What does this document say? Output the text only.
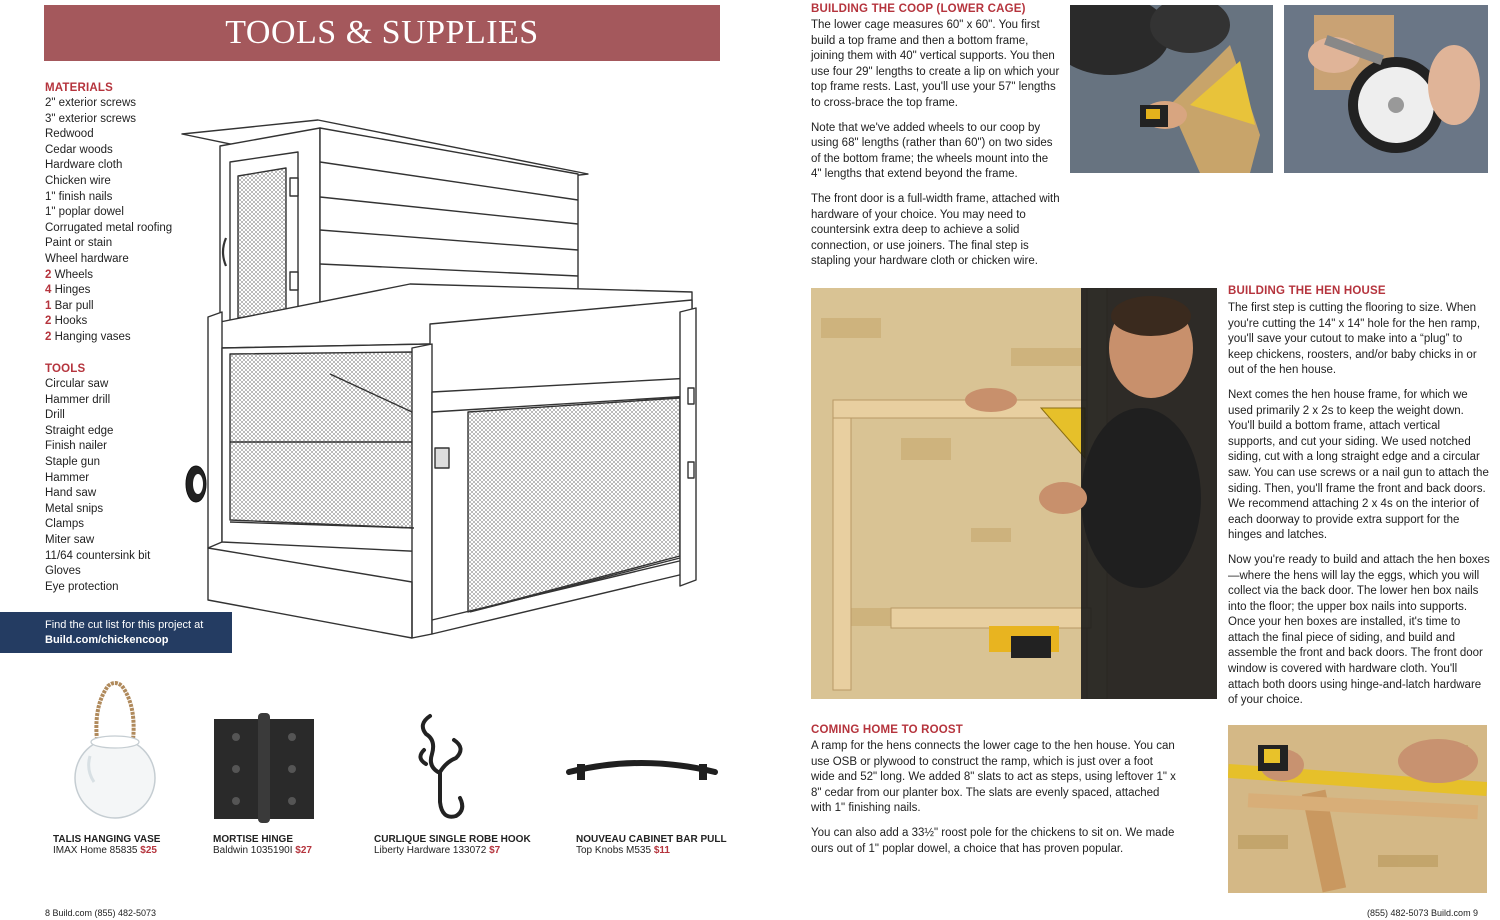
TOOLS & SUPPLIES
MATERIALS
2" exterior screws
3" exterior screws
Redwood
Cedar woods
Hardware cloth
Chicken wire
1" finish nails
1" poplar dowel
Corrugated metal roofing
Paint or stain
Wheel hardware
2 Wheels
4 Hinges
1 Bar pull
2 Hooks
2 Hanging vases
TOOLS
Circular saw
Hammer drill
Drill
Straight edge
Finish nailer
Staple gun
Hammer
Hand saw
Metal snips
Clamps
Miter saw
11/64 countersink bit
Gloves
Eye protection
Find the cut list for this project at
Build.com/chickencoop
TALIS HANGING VASE
IMAX Home 85835 $25
MORTISE HINGE
Baldwin 1035190I $27
CURLIQUE SINGLE ROBE HOOK
Liberty Hardware 133072 $7
NOUVEAU CABINET BAR PULL
Top Knobs M535 $11
8 Build.com (855) 482-5073
BUILDING THE COOP (LOWER CAGE)

The lower cage measures 60" x 60". You first build a top frame and then a bottom frame, joining them with 40" vertical supports. You then use four 29" lengths to create a lip on which your top frame rests. Last, you'll use your 57" lengths to cross-brace the top frame.

Note that we've added wheels to our coop by using 68" lengths (rather than 60") on two sides of the bottom frame; the wheels mount into the 4" lengths that extend beyond the frame.

The front door is a full-width frame, attached with hardware of your choice. You may need to countersink extra deep to achieve a solid connection, or use joiners. The final step is stapling your hardware cloth or chicken wire.

BUILDING THE HEN HOUSE

The first step is cutting the flooring to size. When you're cutting the 14" x 14" hole for the hen ramp, you'll save your cutout to make into a “plug” to keep chickens, roosters, and/or baby chicks in or out of the hen house.

Next comes the hen house frame, for which we used primarily 2 x 2s to keep the weight down. You'll build a bottom frame, attach vertical supports, and cut your siding. We used notched siding, cut with a long straight edge and a circular saw. You can use screws or a nail gun to attach the siding. Then, you'll frame the front and back doors. We recommend attaching 2 x 4s on the interior of each doorway to provide extra support for the hinges and latches.

Now you're ready to build and attach the hen boxes—where the hens will lay the eggs, which you will collect via the back door. The lower hen box nails into the floor; the upper box nails into supports. Once your hen boxes are installed, it's time to attach the final piece of siding, and build and assemble the front and back doors. The front door window is covered with hardware cloth. You'll attach both doors using hinge-and-latch hardware of your choice.

COMING HOME TO ROOST

A ramp for the hens connects the lower cage to the hen house. You can use OSB or plywood to construct the ramp, which is just over a foot wide and 52" long. We added 8" slats to act as steps, using leftover 1" x 8" cedar from our planter box. The slats are evenly spaced, attached with 1" finishing nails.

You can also add a 33½" roost pole for the chickens to sit on. We made ours out of 1" poplar dowel, a choice that has proven popular.

(855) 482-5073 Build.com 9
